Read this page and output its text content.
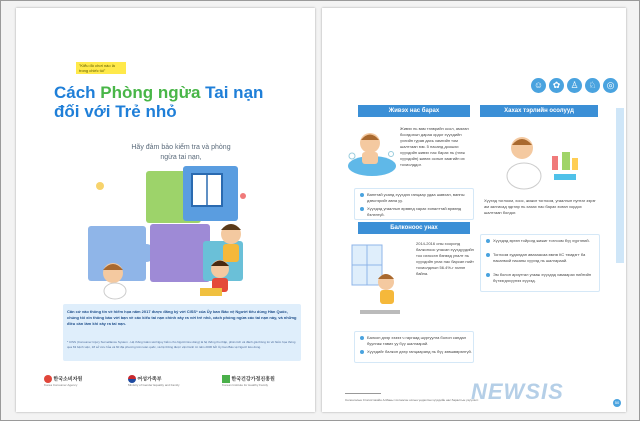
"Kiểu đồ chơi nào là trong chiếc túi"
Cách Phòng ngừa Tai nạn
đối với Trẻ nhỏ
Hãy đảm bảo kiểm tra và phòng ngừa tai nạn,
Căn cứ vào thông tin về hiểm họa năm 2017 được đăng ký với CISS* của Ủy ban Bảo vệ Người tiêu dùng Hàn Quốc, chúng tôi xin thông báo với bạn về các kiểu tai nạn chính xảy ra với trẻ nhỏ, cách phòng ngừa các tai nạn này, và những điều cần làm khi xảy ra tai nạn.
* CISS (Consumer Injury Surveillance System - Hệ thống Giám sát Nguy hiểm cho Người tiêu dùng) là hệ thống thu thập, phân tích và đánh giá thông tin về hiểm họa thông qua 63 bệnh viện, 18 sở cứu hỏa và 60 địa phương trên toàn quốc, và hệ thống được vận hành từ năm 2006 bởi Ủy ban Bảo vệ Người tiêu dùng.
한국소비자원
Korea Consumer Agency
여성가족부
Ministry of Gender Equality and Family
한국건강가정진흥원
Korean Institute for Healthy Family
☺	✿	♙	♘	◎
Живэх нас барах
Живэх нь вам тээврийн осол, амьтан боогдохын дараа ордог хүүхдийн үхлийн гурав дахь хамгийн том шалтгаан юм. 5 насанд доошхи хүүхдийн живэх нас барах нь (нэгж хүүхдийн) живэх ослын хамгийн их тохиолддог.
Ваннтай усанд хүүхдээ ганцаар удаа шавхан, ванны дэвсгэрийг авна уу.
Хүүхдэд угаалгын өрөөнд харах хяналттай өрөөнд бэлэнгүй.
Хахах тэрлийн осолууд
Хүүхэд тоглоом, хоос, жижиг тоглоом, угаалгын нунтаг зэрэг ам залгисад эдгээр нь хахах нас барах эсвэл хордох шалтгаан болдог.
Хүүхдэд өргөн тойрогд жижиг тоглоом бүү хүргэний.
Тоглоом худалдан авахаасаа өмнө КС тэмдэгт ба насанмой насаны хүүхэд нь шалгараай.
Эм болон ариутгал угааж хүүхдэд хамаарах нийтийн бүтээгдэхүүнээ хүүхэд.
Балконоос унах
2014-2016 оны хооронд балконоос унасан хүүхдүүдийн тоо ихэссэн бөгөөд уналт нь хүүхдийн унах нас барсан нийт тохиолдлын 56.4%-г эзлэн байна.
Балкон дээр хэзээ ч гаргаад шургуулга болон сандал буулгаж тавих уу бүү шалгаарай.
Хүүхдийг балкон дээр ганцааранд нь бүү зөвшөөрөлгүй.
Солонгосын Статистикийн Албаны тоглаосон ослын үндэслэн хүүхдийн нас баралтын үзүүлэлт.	50
NEWSIS
